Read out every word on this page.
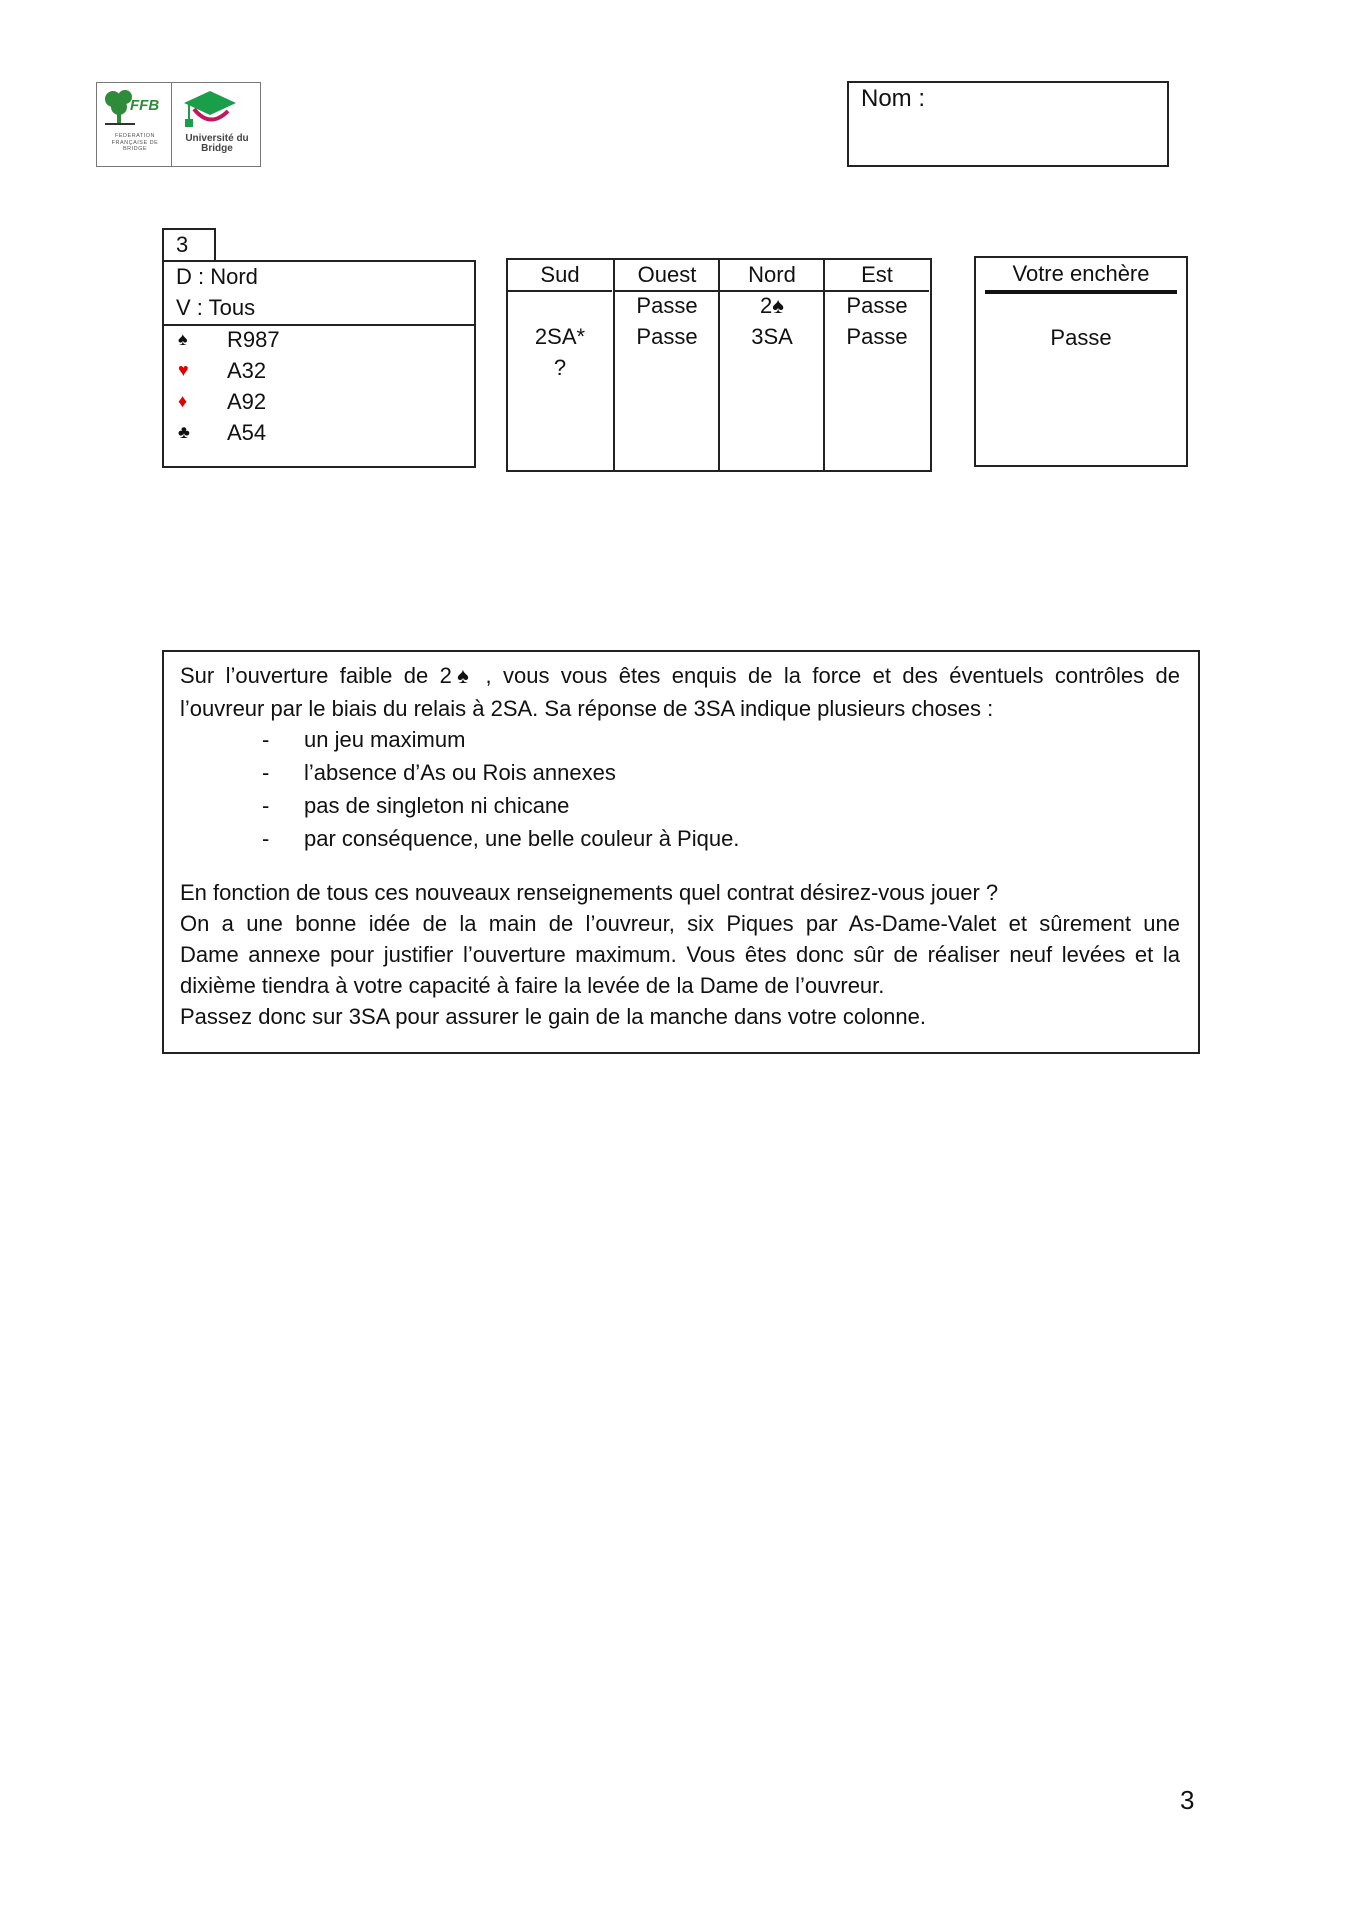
FFB
FEDERATION FRANÇAISE DE BRIDGE
Université du Bridge
Nom :
3
D : Nord
V : Tous
♠ R987
♥ A32
♦ A92
♣ A54
Sud
2SA*
?
Ouest
Passe
Passe
Nord
2♠
3SA
Est
Passe
Passe
Votre enchère
Passe
Sur l’ouverture faible de 2♠ , vous vous êtes enquis de la force et des éventuels contrôles de
l’ouvreur par le biais du relais à 2SA. Sa réponse de 3SA indique plusieurs choses :
- un jeu maximum
- l’absence d’As ou Rois annexes
- pas de singleton ni chicane
- par conséquence, une belle couleur à Pique.
En fonction de tous ces nouveaux renseignements quel contrat désirez-vous jouer ?
On a une bonne idée de la main de l’ouvreur, six Piques par As-Dame-Valet et sûrement une
Dame annexe pour justifier l’ouverture maximum. Vous êtes donc sûr de réaliser neuf levées et la
dixième tiendra à votre capacité à faire la levée de la Dame de l’ouvreur.
Passez donc sur 3SA pour assurer le gain de la manche dans votre colonne.
3
